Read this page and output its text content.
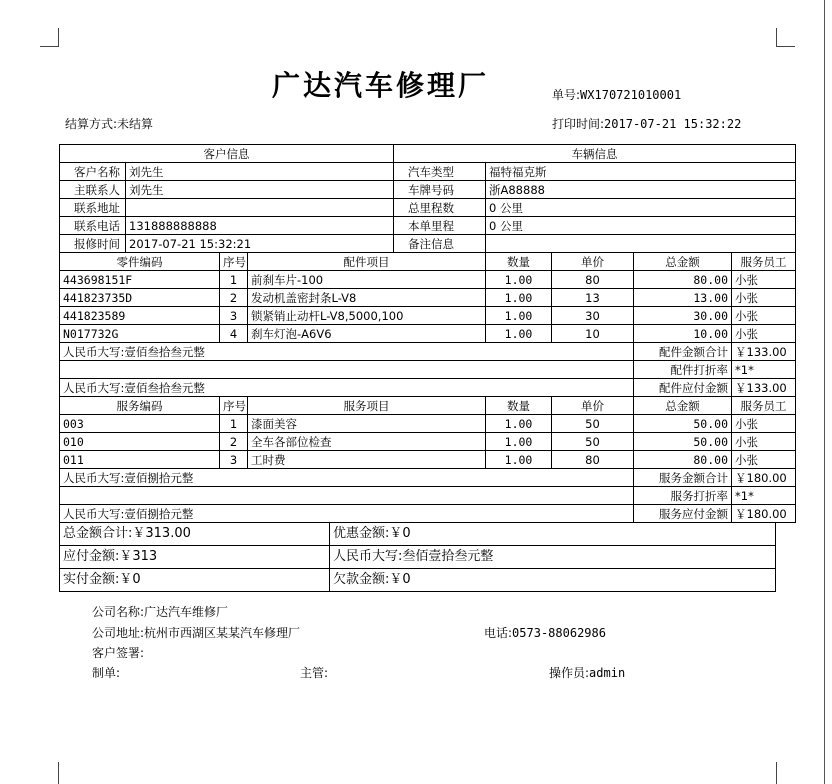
广达汽车修理厂	单号:WX170721010001
结算方式:未结算	打印时间:2017-07-21 15:32:22
客户信息				车辆信息				
客户名称	刘先生			汽车类型	福特福克斯			
主联系人	刘先生			车牌号码	浙A88888			
联系地址				总里程数	0 公里			
联系电话	131888888888			本单里程	0 公里			
报修时间	2017-07-21 15:32:21			备注信息				
零件编码		序号	配件项目		数量	单价	总金额	服务员工
443698151F		1	前刹车片-100		1.00	80	80.00	小张
441823735D		2	发动机盖密封条L-V8		1.00	13	13.00	小张
441823589		3	锁紧销止动杆L-V8,5000,100		1.00	30	30.00	小张
N017732G		4	刹车灯泡-A6V6		1.00	10	10.00	小张
人民币大写:壹佰叁拾叁元整							配件金额合计	￥133.00
							配件打折率	*1*
人民币大写:壹佰叁拾叁元整							配件应付金额	￥133.00
服务编码		序号	服务项目		数量	单价	总金额	服务员工
003		1	漆面美容		1.00	50	50.00	小张
010		2	全车各部位检查		1.00	50	50.00	小张
011		3	工时费		1.00	80	80.00	小张
人民币大写:壹佰捌拾元整							服务金额合计	￥180.00
							服务打折率	*1*
人民币大写:壹佰捌拾元整							服务应付金额	￥180.00
总金额合计:￥313.00	优惠金额:￥0
应付金额:￥313	人民币大写:叁佰壹拾叁元整
实付金额:￥0	欠款金额:￥0
公司名称:广达汽车维修厂
公司地址:杭州市西湖区某某汽车修理厂	电话:0573-88062986
客户签署:
制单:	主管:	操作员:admin
